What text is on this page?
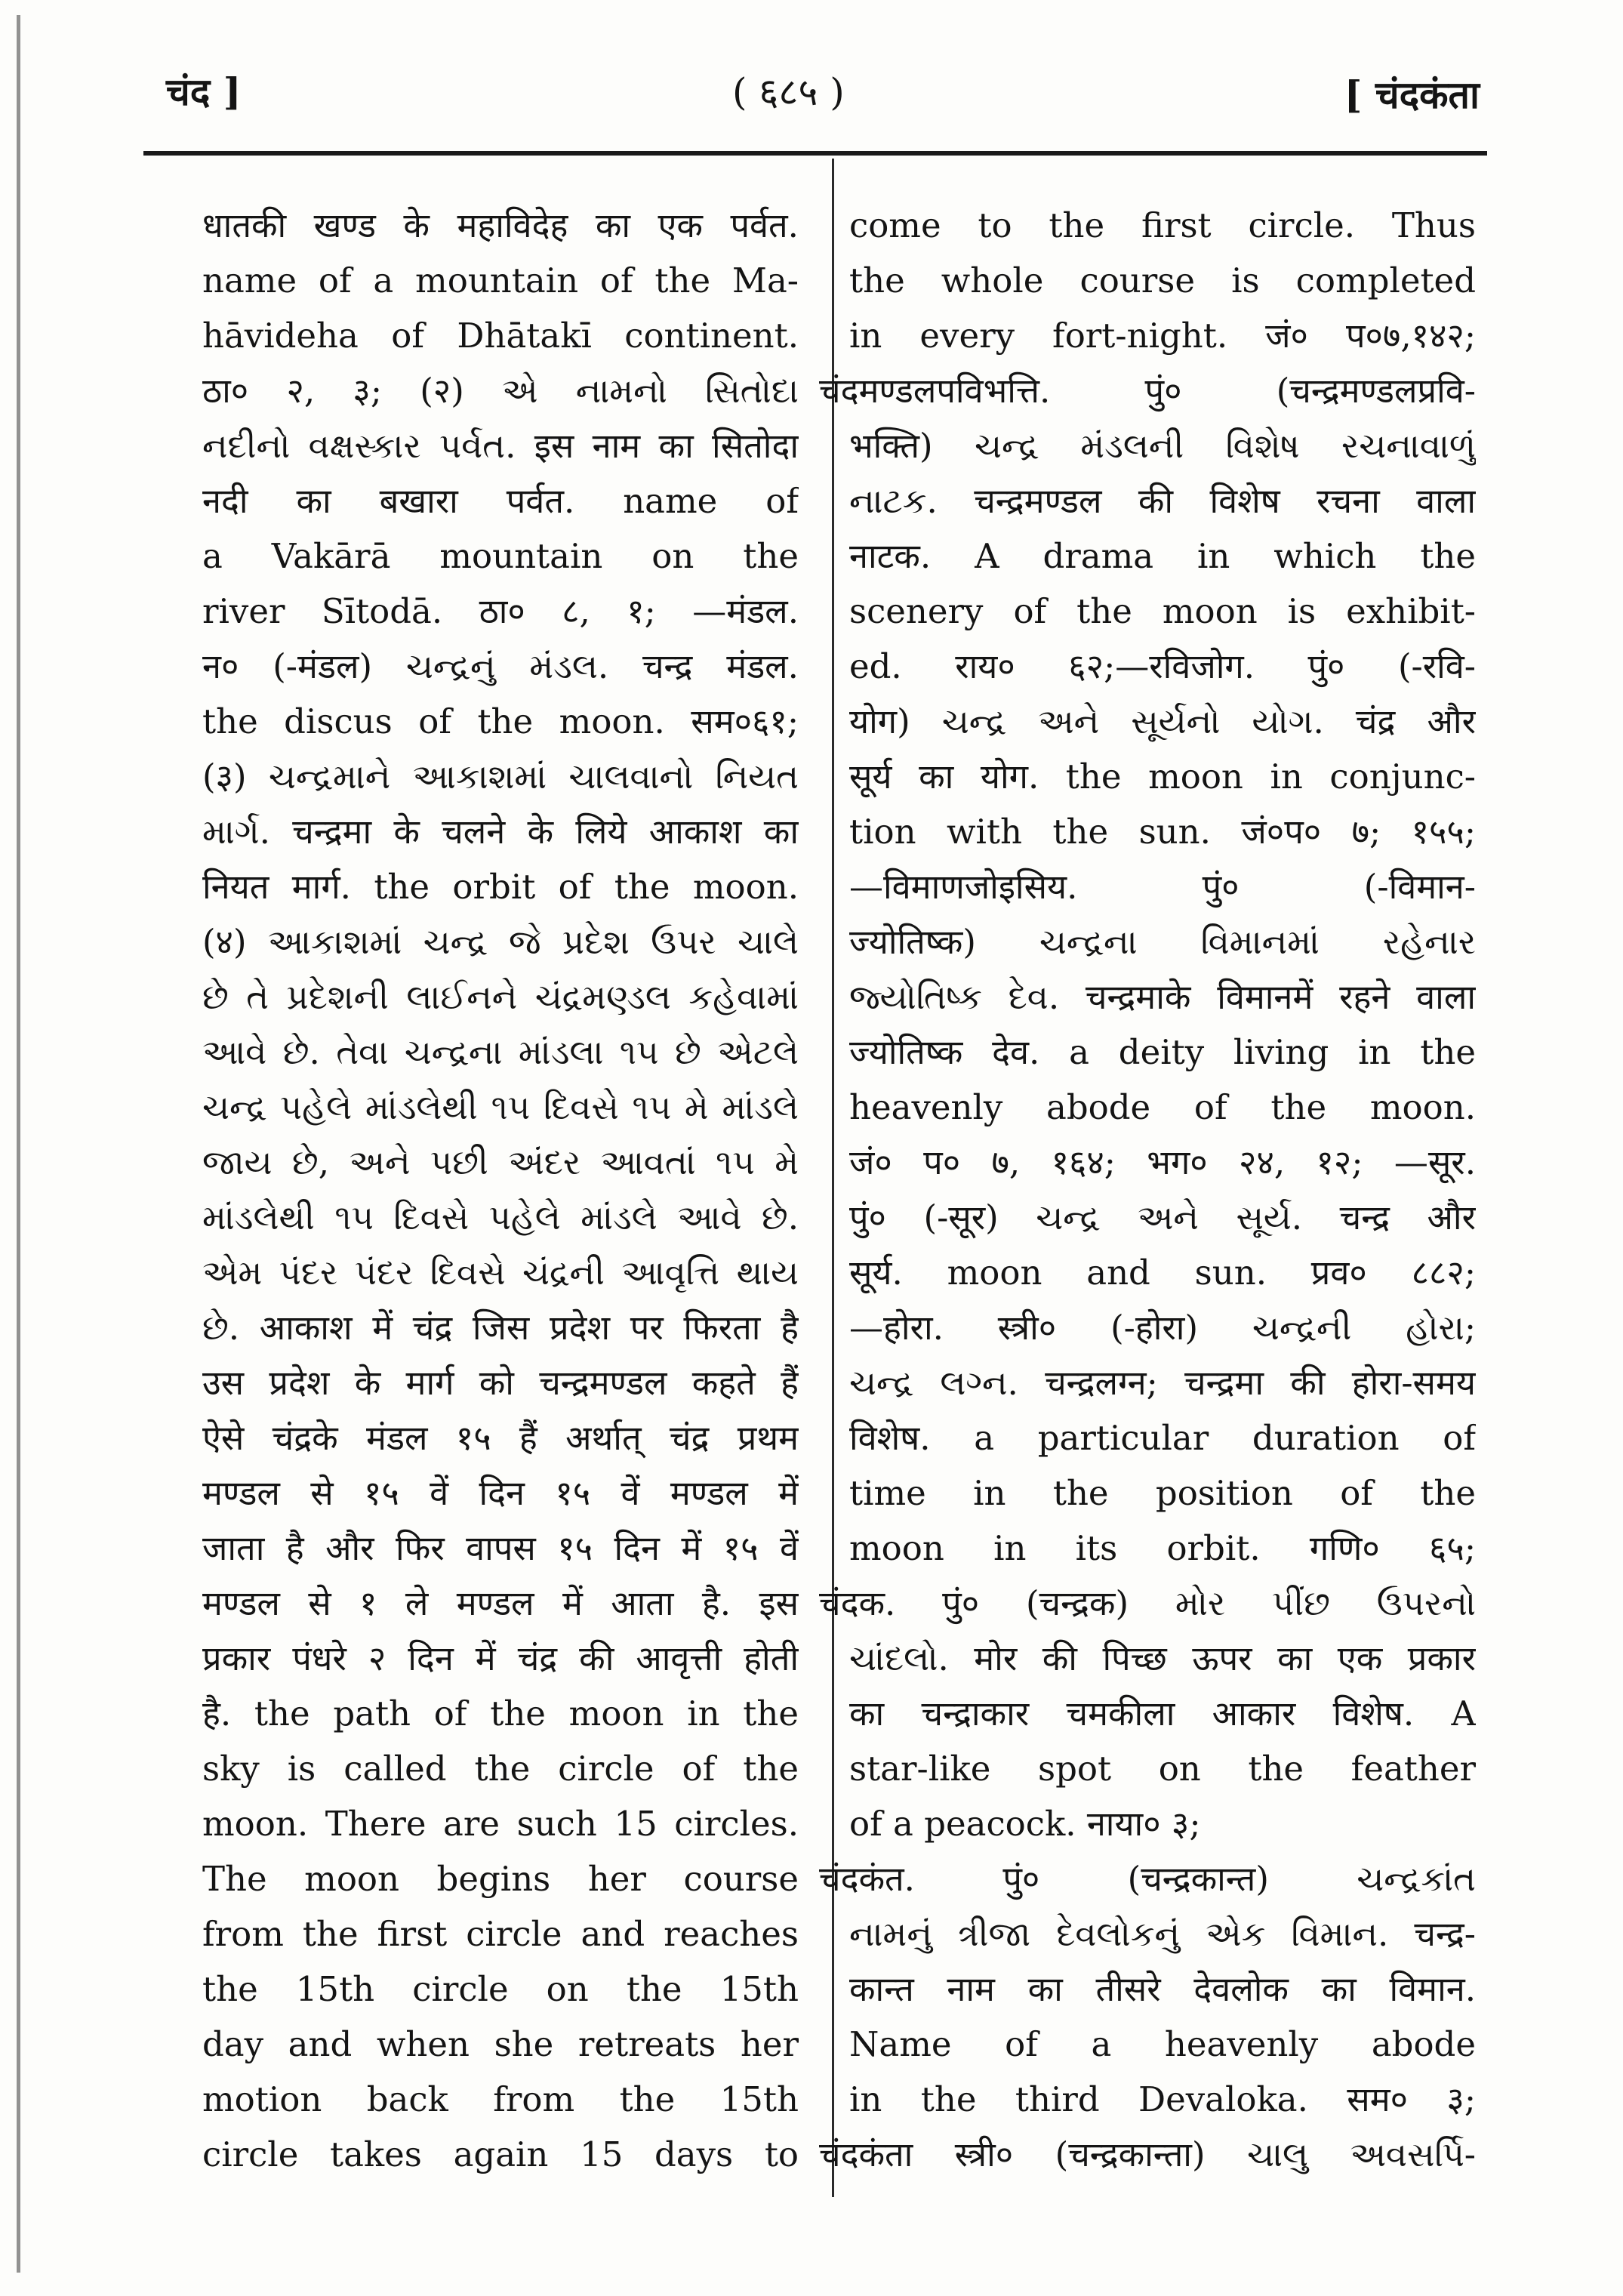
चंद ]	( ६८५ )	[ चंदकंता
धातकी खण्ड के महाविदेह का एक पर्वत.
name of a mountain of the Ma-
hāvideha of Dhātakī continent.
ठा० २, ३; (२) એ નામનો સિતોદા
નદીનો વક્ષસ્કાર પર્વત. इस नाम का सितोदा
नदी का बखारा पर्वत. name of
a Vakārā mountain on the
river Sītodā. ठा० ८, १; —मंडल.
न० (-मंडल) ચન્દ્રનું મંડલ. चन्द्र मंडल.
the discus of the moon. सम०६१;
(३) ચન્દ્રમાને આકાશમાં ચાલવાનો નિયત
માર્ગ. चन्द्रमा के चलने के लिये आकाश का
नियत मार्ग. the orbit of the moon.
(४) આકાશમાં ચન્દ્ર જે પ્રદેશ ઉપર ચાલે
છે તે પ્રદેશની લાઈનને ચંદ્રમણ્ડલ કહેવામાં
આવે છે. તેવા ચન્દ્રના માંડલા ૧૫ છે એટલે
ચન્દ્ર પહેલે માંડલેથી ૧૫ દિવસે ૧૫ મે માંડલે
જાય છે, અને પછી અંદર આવતાં ૧૫ મે
માંડલેથી ૧૫ દિવસે પહેલે માંડલે આવે છે.
એમ પંદર પંદર દિવસે ચંદ્રની આવૃત્તિ થાય
છે. आकाश में चंद्र जिस प्रदेश पर फिरता है
उस प्रदेश के मार्ग को चन्द्रमण्डल कहते हैं
ऐसे चंद्रके मंडल १५ हैं अर्थात् चंद्र प्रथम
मण्डल से १५ वें दिन १५ वें मण्डल में
जाता है और फिर वापस १५ दिन में १५ वें
मण्डल से १ ले मण्डल में आता है. इस
प्रकार पंधरे २ दिन में चंद्र की आवृत्ती होती
है. the path of the moon in the
sky is called the circle of the
moon. There are such 15 circles.
The moon begins her course
from the first circle and reaches
the 15th circle on the 15th
day and when she retreats her
motion back from the 15th
circle takes again 15 days to
come to the first circle. Thus
the whole course is completed
in every fort-night. जं० प०७,१४२;
चंदमण्डलपविभत्ति. पुं० (चन्द्रमण्डलप्रवि-
भक्ति) ચન્દ્ર મંડલની વિશેષ રચનાવાળું
નાટક. चन्द्रमण्डल की विशेष रचना वाला
नाटक. A drama in which the
scenery of the moon is exhibit-
ed. राय० ६२;—रविजोग. पुं० (-रवि-
योग) ચન્દ્ર અને સૂર્યનો યોગ. चंद्र और
सूर्य का योग. the moon in conjunc-
tion with the sun. जं०प० ७; १५५;
—विमाणजोइसिय. पुं० (-विमान-
ज्योतिष्क) ચન્દ્રના વિમાનમાં રહેનાર
જ્યોતિષ્ક દેવ. चन्द्रमाके विमानमें रहने वाला
ज्योतिष्क देव. a deity living in the
heavenly abode of the moon.
जं० प० ७, १६४; भग० २४, १२; —सूर.
पुं० (-सूर) ચન્દ્ર અને સૂર્ય. चन्द्र और
सूर्य. moon and sun. प्रव० ८८२;
—होरा. स्त्री० (-होरा) ચન્દ્રની હોરા;
ચન્દ્ર લગ્ન. चन्द्रलग्न; चन्द्रमा की होरा-समय
विशेष. a particular duration of
time in the position of the
moon in its orbit. गणि० ६५;
चंदक. पुं० (चन्द्रक) મોર પીંછ ઉપરનો
ચાંદલો. मोर की पिच्छ ऊपर का एक प्रकार
का चन्द्राकार चमकीला आकार विशेष. A
star-like spot on the feather
of a peacock. नाया० ३;
चंदकंत. पुं० (चन्द्रकान्त) ચન્દ્રકાંત
નામનું ત્રીજા દેવલોકનું એક વિમાન. चन्द्र-
कान्त नाम का तीसरे देवलोक का विमान.
Name of a heavenly abode
in the third Devaloka. सम० ३;
चंदकंता स्त्री० (चन्द्रकान्ता) ચાલુ અવસર્પિ-
